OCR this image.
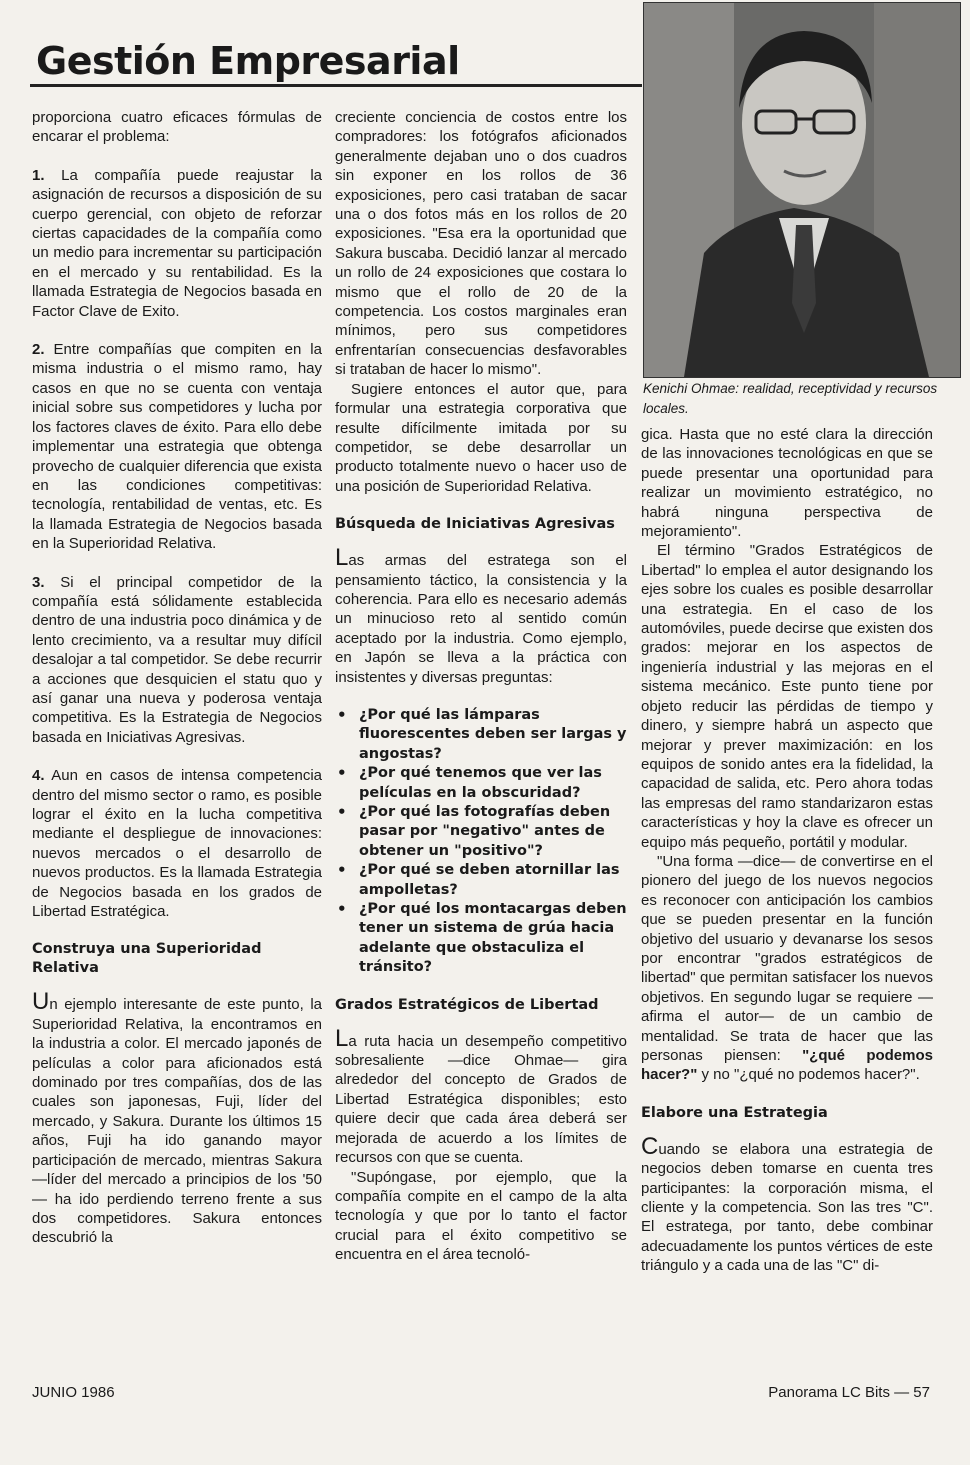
Gestión Empresarial

Kenichi Ohmae: realidad, receptividad y recursos locales.

proporciona cuatro eficaces fórmulas de encarar el problema:

1. La compañía puede reajustar la asignación de recursos a disposición de su cuerpo gerencial, con objeto de reforzar ciertas capacidades de la compañía como un medio para incrementar su participación en el mercado y su rentabilidad. Es la llamada Estrategia de Negocios basada en Factor Clave de Exito.

2. Entre compañías que compiten en la misma industria o el mismo ramo, hay casos en que no se cuenta con ventaja inicial sobre sus competidores y lucha por los factores claves de éxito. Para ello debe implementar una estrategia que obtenga provecho de cualquier diferencia que exista en las condiciones competitivas: tecnología, rentabilidad de ventas, etc. Es la llamada Estrategia de Negocios basada en la Superioridad Relativa.

3. Si el principal competidor de la compañía está sólidamente establecida dentro de una industria poco dinámica y de lento crecimiento, va a resultar muy difícil desalojar a tal competidor. Se debe recurrir a acciones que desquicien el statu quo y así ganar una nueva y poderosa ventaja competitiva. Es la Estrategia de Negocios basada en Iniciativas Agresivas.

4. Aun en casos de intensa competencia dentro del mismo sector o ramo, es posible lograr el éxito en la lucha competitiva mediante el despliegue de innovaciones: nuevos mercados o el desarrollo de nuevos productos. Es la llamada Estrategia de Negocios basada en los grados de Libertad Estratégica.

Construya una Superioridad Relativa

Un ejemplo interesante de este punto, la Superioridad Relativa, la encontramos en la industria a color. El mercado japonés de películas a color para aficionados está dominado por tres compañías, dos de las cuales son japonesas, Fuji, líder del mercado, y Sakura. Durante los últimos 15 años, Fuji ha ido ganando mayor participación de mercado, mientras Sakura —líder del mercado a principios de los '50— ha ido perdiendo terreno frente a sus dos competidores. Sakura entonces descubrió la

creciente conciencia de costos entre los compradores: los fotógrafos aficionados generalmente dejaban uno o dos cuadros sin exponer en los rollos de 36 exposiciones, pero casi trataban de sacar una o dos fotos más en los rollos de 20 exposiciones. "Esa era la oportunidad que Sakura buscaba. Decidió lanzar al mercado un rollo de 24 exposiciones que costara lo mismo que el rollo de 20 de la competencia. Los costos marginales eran mínimos, pero sus competidores enfrentarían consecuencias desfavorables si trataban de hacer lo mismo".

Sugiere entonces el autor que, para formular una estrategia corporativa que resulte difícilmente imitada por su competidor, se debe desarrollar un producto totalmente nuevo o hacer uso de una posición de Superioridad Relativa.

Búsqueda de Iniciativas Agresivas

Las armas del estratega son el pensamiento táctico, la consistencia y la coherencia. Para ello es necesario además un minucioso reto al sentido común aceptado por la industria. Como ejemplo, en Japón se lleva a la práctica con insistentes y diversas preguntas:

• ¿Por qué las lámparas fluorescentes deben ser largas y angostas?
• ¿Por qué tenemos que ver las películas en la obscuridad?
• ¿Por qué las fotografías deben pasar por "negativo" antes de obtener un "positivo"?
• ¿Por qué se deben atornillar las ampolletas?
• ¿Por qué los montacargas deben tener un sistema de grúa hacia adelante que obstaculiza el tránsito?
Grados Estratégicos de Libertad

La ruta hacia un desempeño competitivo sobresaliente —dice Ohmae— gira alrededor del concepto de Grados de Libertad Estratégica disponibles; esto quiere decir que cada área deberá ser mejorada de acuerdo a los límites de recursos con que se cuenta.

"Supóngase, por ejemplo, que la compañía compite en el campo de la alta tecnología y que por lo tanto el factor crucial para el éxito competitivo se encuentra en el área tecnoló-

gica. Hasta que no esté clara la dirección de las innovaciones tecnológicas en que se puede presentar una oportunidad para realizar un movimiento estratégico, no habrá ninguna perspectiva de mejoramiento".

El término "Grados Estratégicos de Libertad" lo emplea el autor designando los ejes sobre los cuales es posible desarrollar una estrategia. En el caso de los automóviles, puede decirse que existen dos grados: mejorar en los aspectos de ingeniería industrial y las mejoras en el sistema mecánico. Este punto tiene por objeto reducir las pérdidas de tiempo y dinero, y siempre habrá un aspecto que mejorar y prever maximización: en los equipos de sonido antes era la fidelidad, la capacidad de salida, etc. Pero ahora todas las empresas del ramo standarizaron estas características y hoy la clave es ofrecer un equipo más pequeño, portátil y modular.

"Una forma —dice— de convertirse en el pionero del juego de los nuevos negocios es reconocer con anticipación los cambios que se pueden presentar en la función objetivo del usuario y devanarse los sesos por encontrar "grados estratégicos de libertad" que permitan satisfacer los nuevos objetivos. En segundo lugar se requiere —afirma el autor— de un cambio de mentalidad. Se trata de hacer que las personas piensen: "¿qué podemos hacer?" y no "¿qué no podemos hacer?".

Elabore una Estrategia

Cuando se elabora una estrategia de negocios deben tomarse en cuenta tres participantes: la corporación misma, el cliente y la competencia. Son las tres "C". El estratega, por tanto, debe combinar adecuadamente los puntos vértices de este triángulo y a cada una de las "C" di-

JUNIO 1986	Panorama LC Bits — 57
